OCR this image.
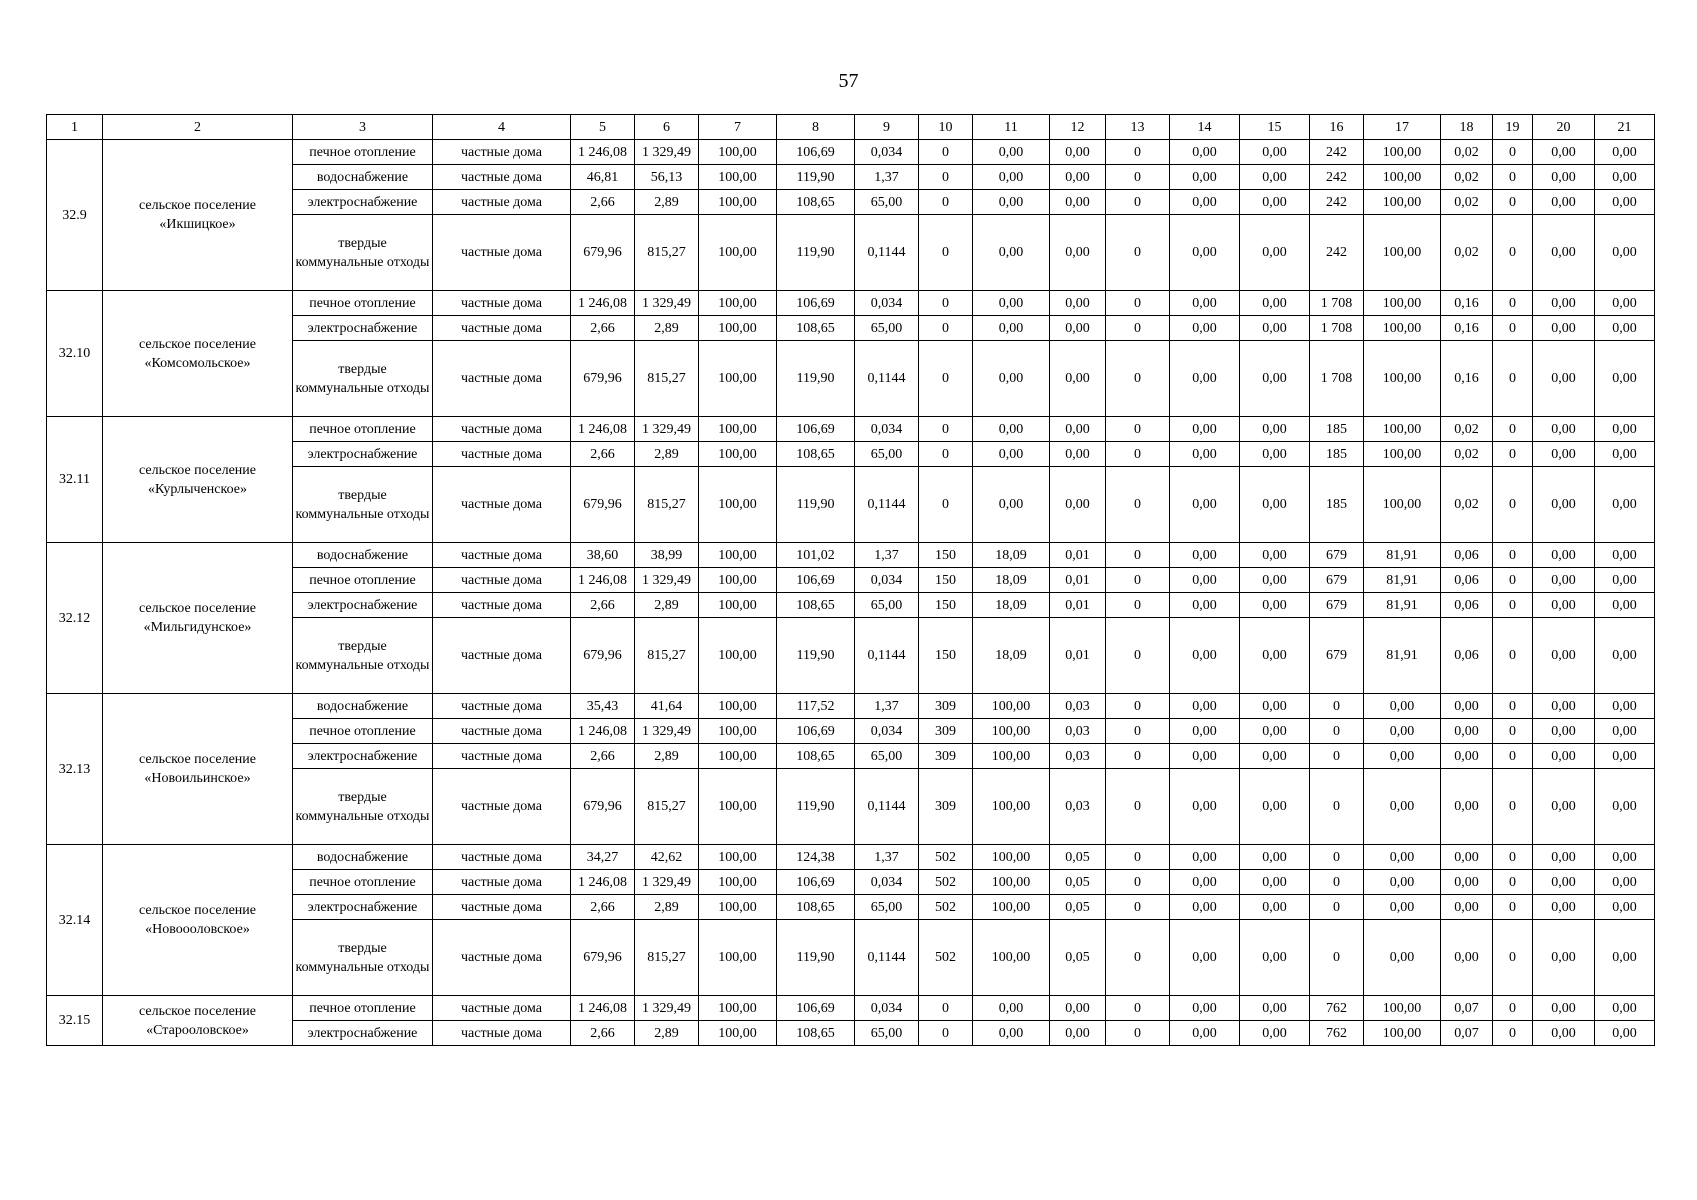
57
1	2	3	4	5	6	7	8	9	10	11	12	13	14	15	16	17	18	19	20	21
32.9	сельское поселение «Икшицкое»	печное отопление	частные дома	1 246,08	1 329,49	100,00	106,69	0,034	0	0,00	0,00	0	0,00	0,00	242	100,00	0,02	0	0,00	0,00
		водоснабжение	частные дома	46,81	56,13	100,00	119,90	1,37	0	0,00	0,00	0	0,00	0,00	242	100,00	0,02	0	0,00	0,00
		электроснабжение	частные дома	2,66	2,89	100,00	108,65	65,00	0	0,00	0,00	0	0,00	0,00	242	100,00	0,02	0	0,00	0,00
		твердые коммунальные отходы	частные дома	679,96	815,27	100,00	119,90	0,1144	0	0,00	0,00	0	0,00	0,00	242	100,00	0,02	0	0,00	0,00
32.10	сельское поселение «Комсомольское»	печное отопление	частные дома	1 246,08	1 329,49	100,00	106,69	0,034	0	0,00	0,00	0	0,00	0,00	1 708	100,00	0,16	0	0,00	0,00
		электроснабжение	частные дома	2,66	2,89	100,00	108,65	65,00	0	0,00	0,00	0	0,00	0,00	1 708	100,00	0,16	0	0,00	0,00
		твердые коммунальные отходы	частные дома	679,96	815,27	100,00	119,90	0,1144	0	0,00	0,00	0	0,00	0,00	1 708	100,00	0,16	0	0,00	0,00
32.11	сельское поселение «Курлыченское»	печное отопление	частные дома	1 246,08	1 329,49	100,00	106,69	0,034	0	0,00	0,00	0	0,00	0,00	185	100,00	0,02	0	0,00	0,00
		электроснабжение	частные дома	2,66	2,89	100,00	108,65	65,00	0	0,00	0,00	0	0,00	0,00	185	100,00	0,02	0	0,00	0,00
		твердые коммунальные отходы	частные дома	679,96	815,27	100,00	119,90	0,1144	0	0,00	0,00	0	0,00	0,00	185	100,00	0,02	0	0,00	0,00
32.12	сельское поселение «Мильгидунское»	водоснабжение	частные дома	38,60	38,99	100,00	101,02	1,37	150	18,09	0,01	0	0,00	0,00	679	81,91	0,06	0	0,00	0,00
		печное отопление	частные дома	1 246,08	1 329,49	100,00	106,69	0,034	150	18,09	0,01	0	0,00	0,00	679	81,91	0,06	0	0,00	0,00
		электроснабжение	частные дома	2,66	2,89	100,00	108,65	65,00	150	18,09	0,01	0	0,00	0,00	679	81,91	0,06	0	0,00	0,00
		твердые коммунальные отходы	частные дома	679,96	815,27	100,00	119,90	0,1144	150	18,09	0,01	0	0,00	0,00	679	81,91	0,06	0	0,00	0,00
32.13	сельское поселение «Новоильинское»	водоснабжение	частные дома	35,43	41,64	100,00	117,52	1,37	309	100,00	0,03	0	0,00	0,00	0	0,00	0,00	0	0,00	0,00
		печное отопление	частные дома	1 246,08	1 329,49	100,00	106,69	0,034	309	100,00	0,03	0	0,00	0,00	0	0,00	0,00	0	0,00	0,00
		электроснабжение	частные дома	2,66	2,89	100,00	108,65	65,00	309	100,00	0,03	0	0,00	0,00	0	0,00	0,00	0	0,00	0,00
		твердые коммунальные отходы	частные дома	679,96	815,27	100,00	119,90	0,1144	309	100,00	0,03	0	0,00	0,00	0	0,00	0,00	0	0,00	0,00
32.14	сельское поселение «Новоооловское»	водоснабжение	частные дома	34,27	42,62	100,00	124,38	1,37	502	100,00	0,05	0	0,00	0,00	0	0,00	0,00	0	0,00	0,00
		печное отопление	частные дома	1 246,08	1 329,49	100,00	106,69	0,034	502	100,00	0,05	0	0,00	0,00	0	0,00	0,00	0	0,00	0,00
		электроснабжение	частные дома	2,66	2,89	100,00	108,65	65,00	502	100,00	0,05	0	0,00	0,00	0	0,00	0,00	0	0,00	0,00
		твердые коммунальные отходы	частные дома	679,96	815,27	100,00	119,90	0,1144	502	100,00	0,05	0	0,00	0,00	0	0,00	0,00	0	0,00	0,00
32.15	сельское поселение «Старооловское»	печное отопление	частные дома	1 246,08	1 329,49	100,00	106,69	0,034	0	0,00	0,00	0	0,00	0,00	762	100,00	0,07	0	0,00	0,00
		электроснабжение	частные дома	2,66	2,89	100,00	108,65	65,00	0	0,00	0,00	0	0,00	0,00	762	100,00	0,07	0	0,00	0,00
